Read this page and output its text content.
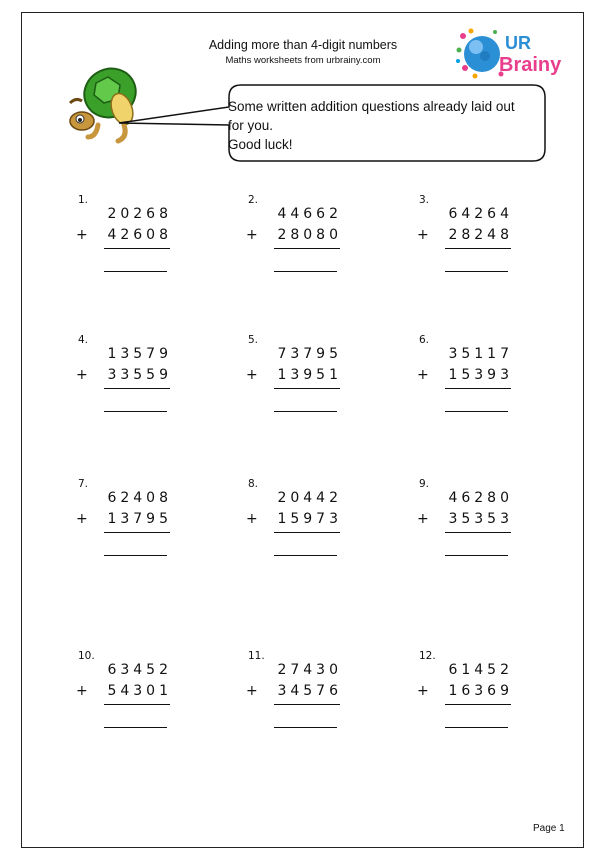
Adding more than 4-digit numbers
Maths worksheets from urbrainy.com
UR
Brainy
Some written addition questions already laid out
for you.
Good luck!
1.
20268
+ 42608
2.
44662
+ 28080
3.
64264
+ 28248
4.
13579
+ 33559
5.
73795
+ 13951
6.
35117
+ 15393
7.
62408
+ 13795
8.
20442
+ 15973
9.
46280
+ 35353
10.
63452
+ 54301
11.
27430
+ 34576
12.
61452
+ 16369
Page 1
